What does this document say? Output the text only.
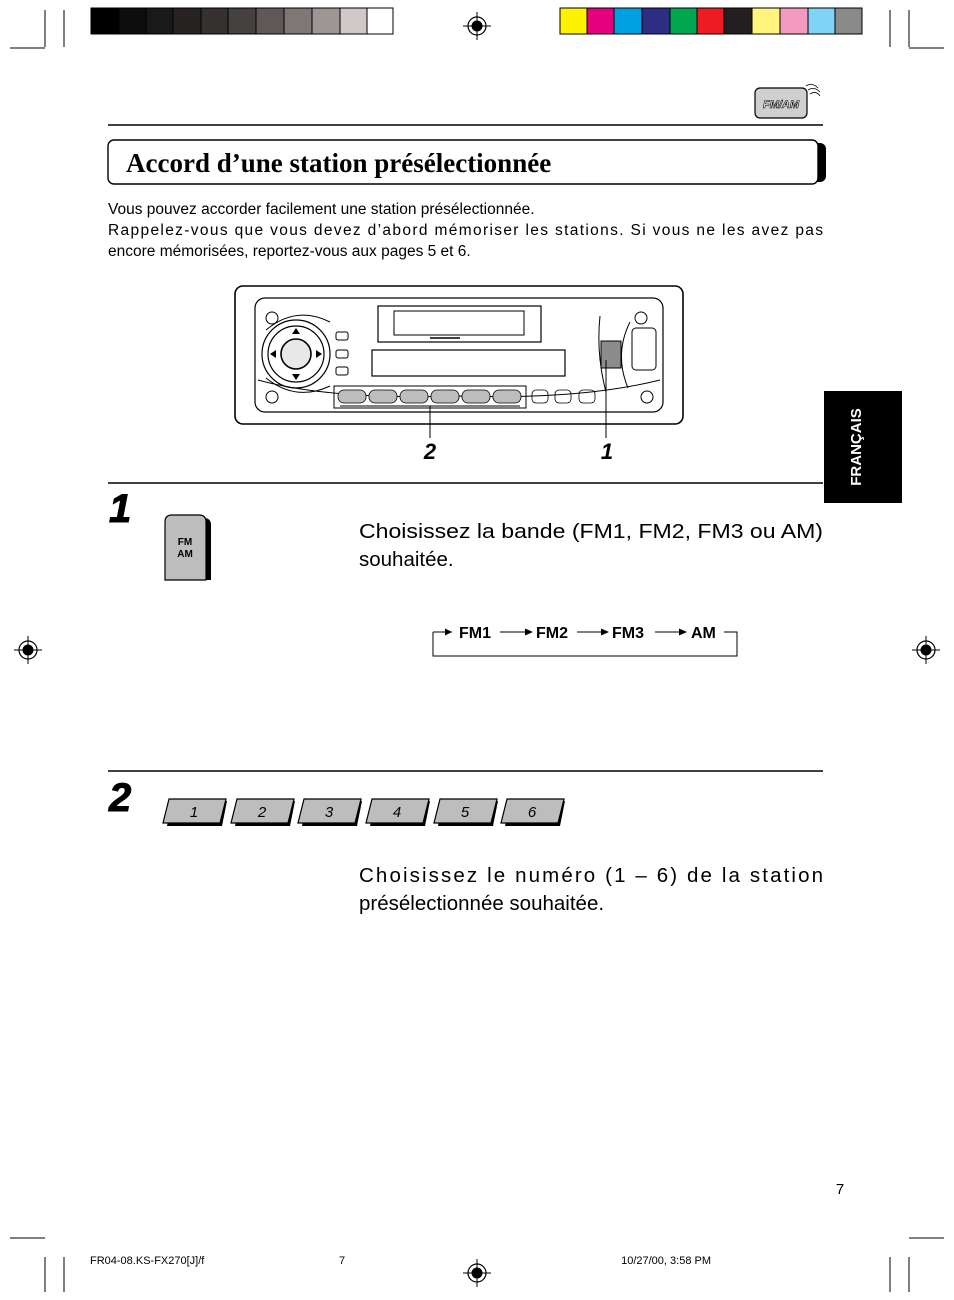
FM/AM
Accord d’une station présélectionnée
Vous pouvez accorder facilement une station présélectionnée.
Rappelez-vous que vous devez d’abord mémoriser les stations. Si vous ne les avez pas
encore mémorisées, reportez-vous aux pages 5 et 6.
2	1	FRANÇAIS
1
FM
AM
Choisissez la bande (FM1, FM2, FM3 ou AM)
souhaitée.
FM1	FM2	FM3	AM
2	1	2	3	4	5	6
Choisissez le numéro (1 – 6) de la station
présélectionnée souhaitée.
7
FR04-08.KS-FX270[J]/f	7	10/27/00, 3:58 PM
